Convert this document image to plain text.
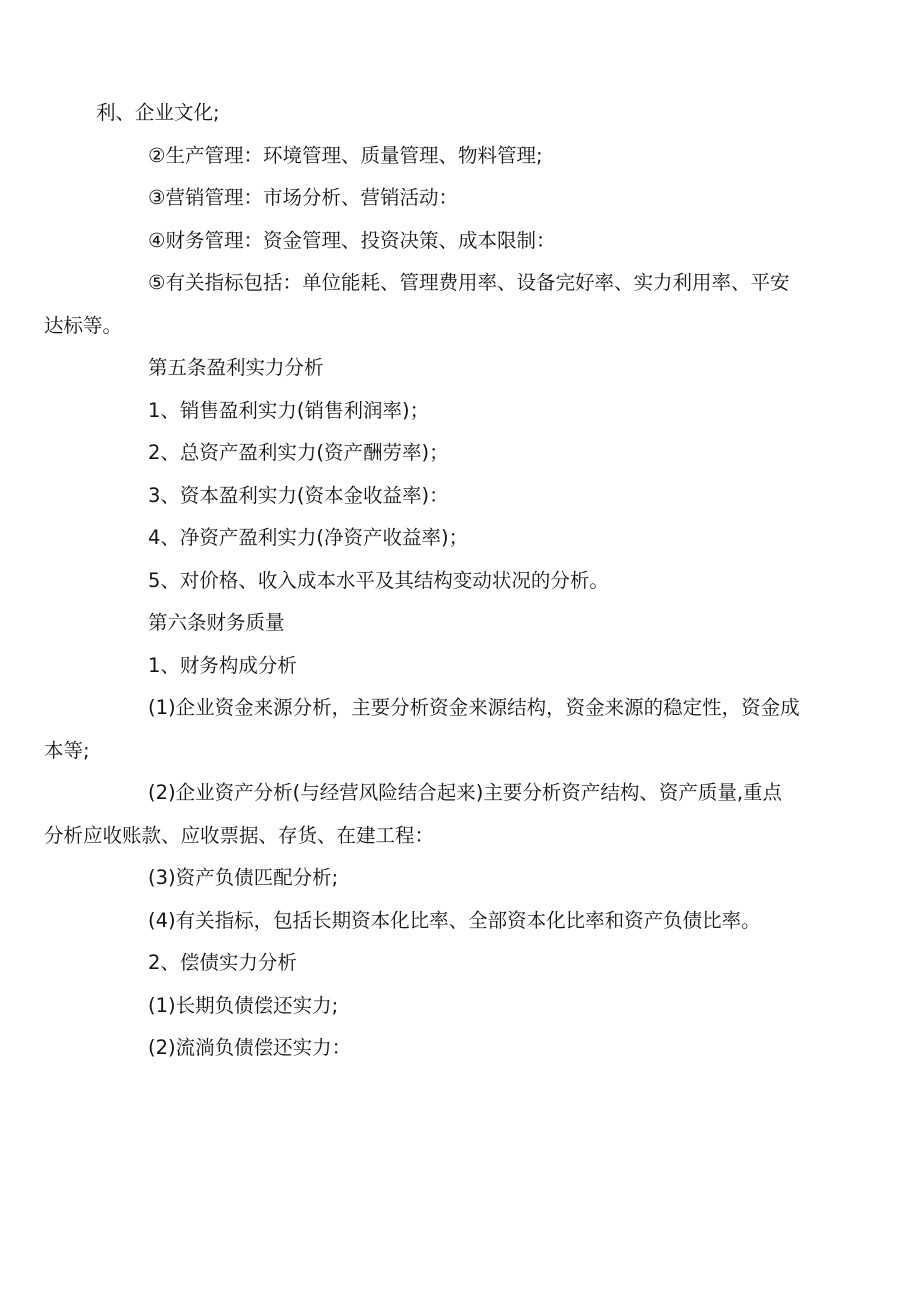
利、企业文化;
②生产管理：环境管理、质量管理、物料管理;
③营销管理：市场分析、营销活动：
④财务管理：资金管理、投资决策、成本限制：
⑤有关指标包括：单位能耗、管理费用率、设备完好率、实力利用率、平安
达标等。
第五条盈利实力分析
1、销售盈利实力(销售利润率)；
2、总资产盈利实力(资产酬劳率)；
3、资本盈利实力(资本金收益率)：
4、净资产盈利实力(净资产收益率)；
5、对价格、收入成本水平及其结构变动状况的分析。
第六条财务质量
1、财务构成分析
(1)企业资金来源分析，主要分析资金来源结构，资金来源的稳定性，资金成
本等;
(2)企业资产分析(与经营风险结合起来)主要分析资产结构、资产质量,重点
分析应收账款、应收票据、存货、在建工程：
(3)资产负债匹配分析;
(4)有关指标，包括长期资本化比率、全部资本化比率和资产负债比率。
2、偿债实力分析
(1)长期负债偿还实力;
(2)流淌负债偿还实力：
